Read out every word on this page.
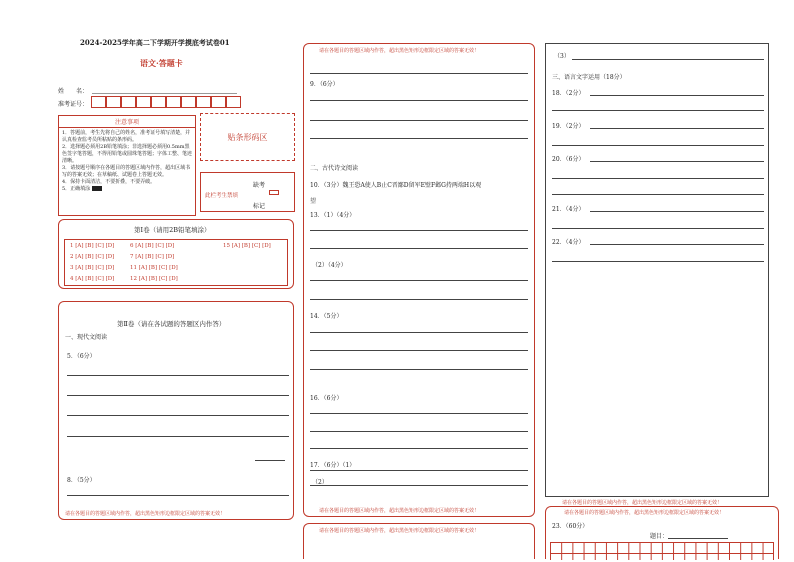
2024-2025学年高二下学期开学摸底考试卷01
语文·答题卡
姓　　名：
准考证号：
注意事项
1．答题前，考生先将自己的姓名，准考证号填写清楚，并认真检查监考员所粘贴的条形码。
2．选择题必须用2B铅笔填涂；非选择题必须用0.5mm黑色签字笔答题，不得用铅笔或圆珠笔答题；字体工整、笔迹清晰。
3．请按题号顺序在各题目的答题区域内作答，超出区域书写的答案无效；在草稿纸、试题卷上答题无效。
4．保持卡面清洁，不要折叠，不要弄破。
5．正确填涂
贴条形码区
此栏考生禁填
缺考
标记
第Ⅰ卷（请用2B铅笔填涂）
1 [A] [B] [C] [D]	6 [A] [B] [C] [D]	15 [A] [B] [C] [D]
2 [A] [B] [C] [D]	7 [A] [B] [C] [D]
3 [A] [B] [C] [D]	11 [A] [B] [C] [D]
4 [A] [B] [C] [D]	12 [A] [B] [C] [D]
第Ⅱ卷（请在各试题的答题区内作答）
一、现代文阅读
5．（6分）
8．（5分）
请在各题目的答题区域内作答，超出黑色矩形边框限定区域的答案无效！
请在各题目的答题区域内作答，超出黑色矩形边框限定区域的答案无效！
9．（6分）
二、古代诗文阅读
10．（3分）魏王恐A使人B止C晋鄙D留军E壁F邺G持两端H以观
望
13．（1）（4分）
（2）（4分）
14．（5分）
16．（6分）
17．（6分）（1）
（2）
请在各题目的答题区域内作答，超出黑色矩形边框限定区域的答案无效！
请在各题目的答题区域内作答，超出黑色矩形边框限定区域的答案无效！
（3）
三、语言文字运用（18分）
18．（2分）
19．（2分）
20．（6分）
21．（4分）
22．（4分）
请在各题目的答题区域内作答，超出黑色矩形边框限定区域的答案无效！
请在各题目的答题区域内作答，超出黑色矩形边框限定区域的答案无效！
23．（60分）
题目：
